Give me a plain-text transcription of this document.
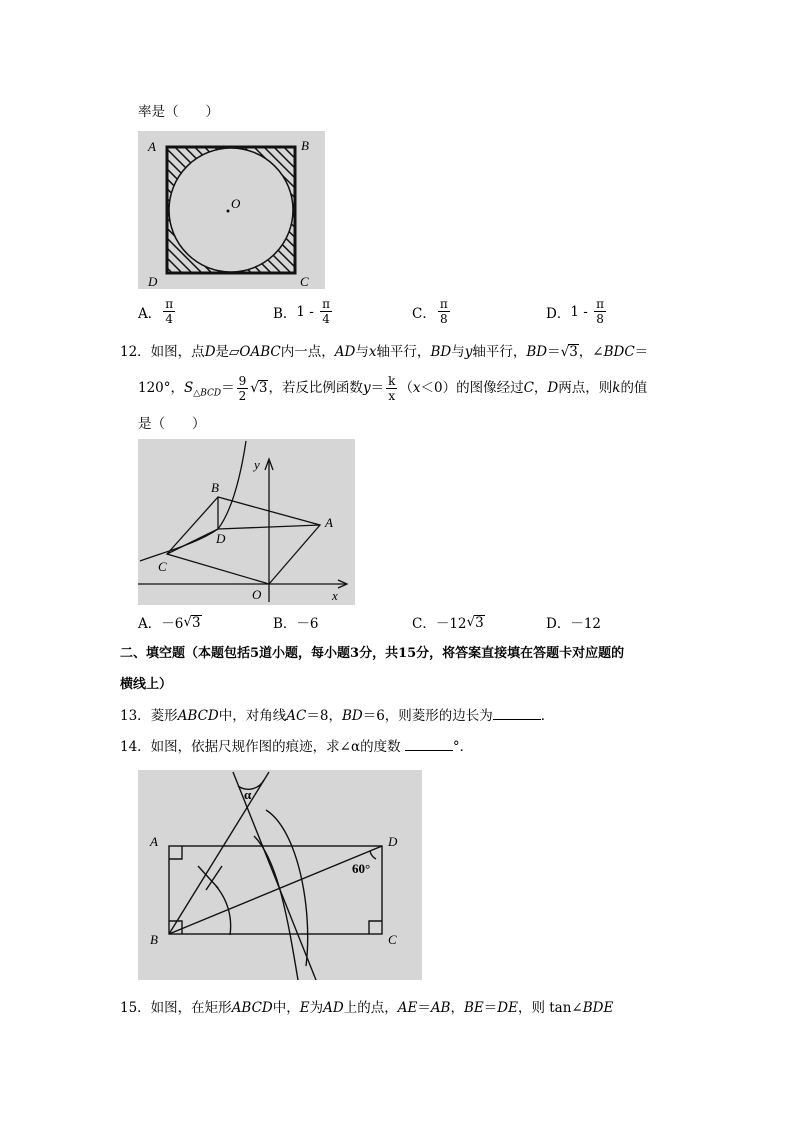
率是（　　）
A	B
D	C
O
A． $\frac{\pi}{4}$	B． $1 - \frac{\pi}{4}$	C． $\frac{\pi}{8}$	D． $1 - \frac{\pi}{8}$
12．如图，点D是▱OABC内一点，AD与x轴平行，BD与y轴平行，BD＝√3，∠BDC＝
120°，$S_{\triangle BCD}= \frac{9}{2} √3$，若反比例函数$y= \frac{k}{x} (x<0)$的图像经过C，D两点，则k的值
是（　　）
B
A
D
C
O	x
y
A． －6 √ 3	B． －6	C． －12 √ 3	D． －12
二、填空题（本题包括5道小题，每小题3分，共15分，将答案直接填在答题卡对应题的
横线上）
13．菱形ABCD中，对角线AC＝8，BD＝6，则菱形的边长为	．
14．如图，依据尺规作图的痕迹，求∠α的度数	°．
A	D
B	C
α
60°
15．如图，在矩形ABCD中，E为AD上的点，AE＝AB，BE＝DE，则 tan∠BDE
